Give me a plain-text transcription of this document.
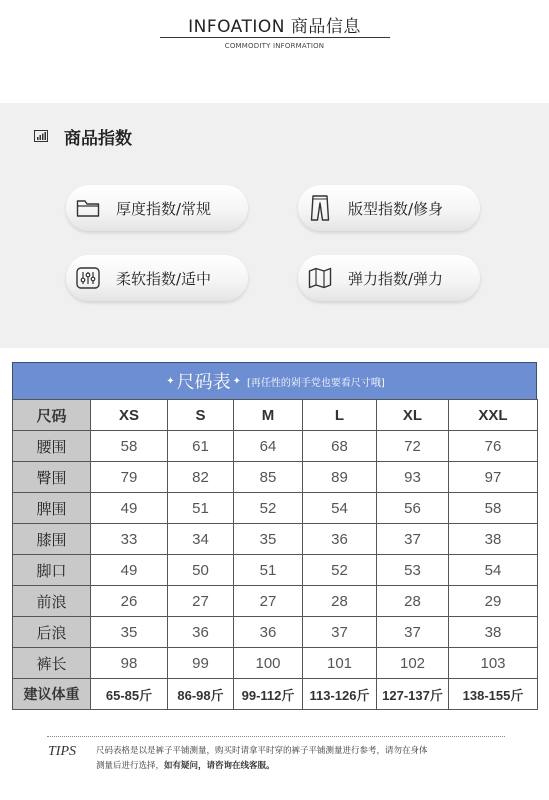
INFOATION 商品信息
COMMODITY INFORMATION
商品指数
厚度指数/常规	版型指数/修身
柔软指数/适中	弹力指数/弹力
✦ 尺码表 ✦ [再任性的剁手党也要看尺寸哦]
尺码	XS	S	M	L	XL	XXL
腰围	58	61	64	68	72	76
臀围	79	82	85	89	93	97
脾围	49	51	52	54	56	58
膝围	33	34	35	36	37	38
脚口	49	50	51	52	53	54
前浪	26	27	27	28	28	29
后浪	35	36	36	37	37	38
裤长	98	99	100	101	102	103
建议体重	65-85斤	86-98斤	99-112斤	113-126斤	127-137斤	138-155斤
TIPS	尺码表格是以是裤子平铺测量，购买时请拿平时穿的裤子平铺测量进行参考，请勿在身体
测量后进行选择，如有疑问，请咨询在线客服。
